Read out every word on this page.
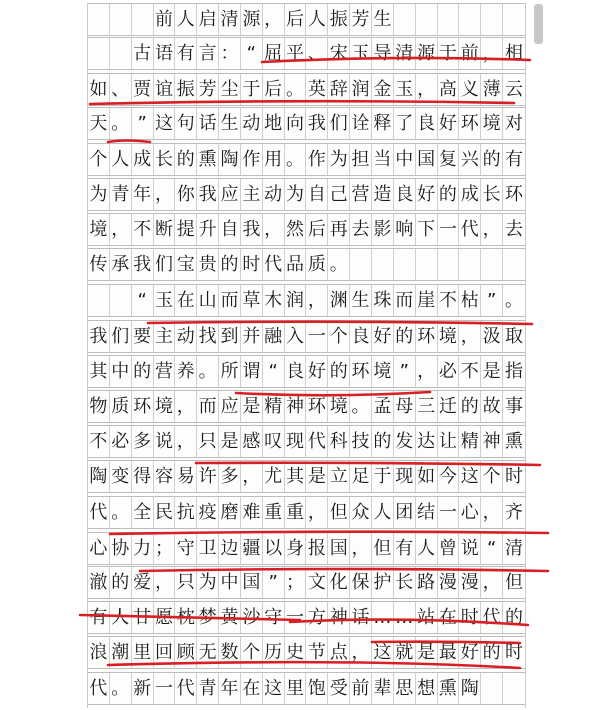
前 人 启 清 源 ， 后 人 振 芳 生
古 语 有 言 ： “ 屈 平 、 宋 玉 导 清 源 于 前 ， 相
如 、 贾 谊 振 芳 尘 于 后 。 英 辞 润 金 玉 ， 高 义 薄 云
天 。 ” 这 句 话 生 动 地 向 我 们 诠 释 了 良 好 环 境 对
个 人 成 长 的 熏 陶 作 用 。 作 为 担 当 中 国 复 兴 的 有
为 青 年 ， 你 我 应 主 动 为 自 己 营 造 良 好 的 成 长 环
境 ， 不 断 提 升 自 我 ， 然 后 再 去 影 响 下 一 代 ， 去
传 承 我 们 宝 贵 的 时 代 品 质 。
“ 玉 在 山 而 草 木 润 ， 渊 生 珠 而 崖 不 枯 ” 。
我 们 要 主 动 找 到 并 融 入 一 个 良 好 的 环 境 ， 汲 取
其 中 的 营 养 。 所 谓 “ 良 好 的 环 境 ” ， 必 不 是 指
物 质 环 境 ， 而 应 是 精 神 环 境 。 孟 母 三 迁 的 故 事
不 必 多 说 ， 只 是 感 叹 现 代 科 技 的 发 达 让 精 神 熏
陶 变 得 容 易 许 多 ， 尤 其 是 立 足 于 现 如 今 这 个 时
代 。 全 民 抗 疫 磨 难 重 重 ， 但 众 人 团 结 一 心 ， 齐
心 协 力 ； 守 卫 边 疆 以 身 报 国 ， 但 有 人 曾 说 “ 清
澈 的 爱 ， 只 为 中 国 ” ； 文 化 保 护 长 路 漫 漫 ， 但
有 人 甘 愿 枕 梦 黄 沙 守 一 方 神 话 … … 站 在 时 代 的
浪 潮 里 回 顾 无 数 个 历 史 节 点 ， 这 就 是 最 好 的 时
代 。 新 一 代 青 年 在 这 里 饱 受 前 辈 思 想 熏 陶
